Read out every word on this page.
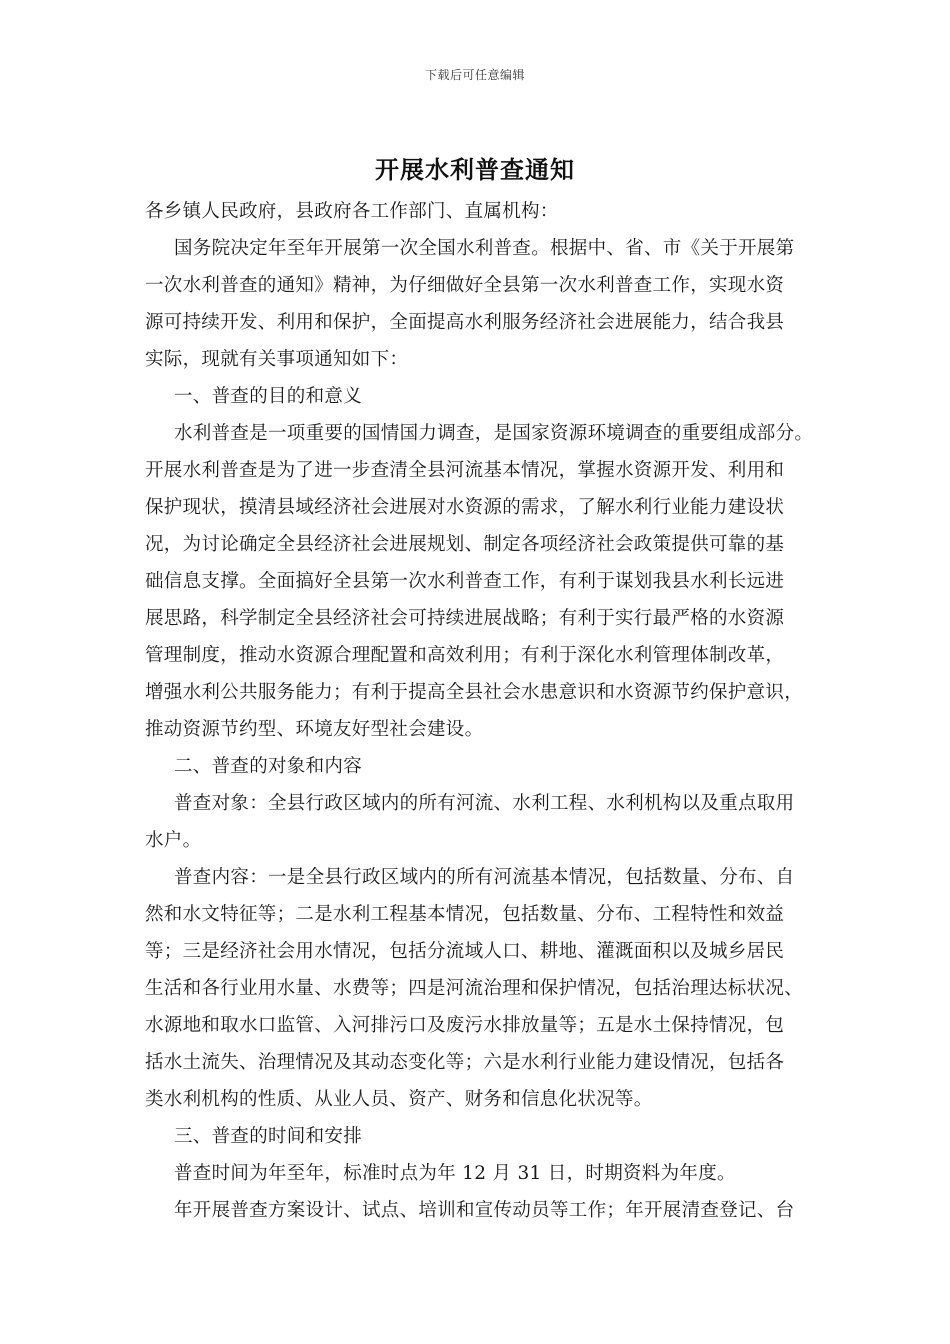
下载后可任意编辑
开展水利普查通知
各乡镇人民政府，县政府各工作部门、直属机构：
国务院决定年至年开展第一次全国水利普查。根据中、省、市《关于开展第
一次水利普查的通知》精神，为仔细做好全县第一次水利普查工作，实现水资
源可持续开发、利用和保护，全面提高水利服务经济社会进展能力，结合我县
实际，现就有关事项通知如下：
一、普查的目的和意义
水利普查是一项重要的国情国力调查，是国家资源环境调查的重要组成部分。
开展水利普查是为了进一步查清全县河流基本情况，掌握水资源开发、利用和
保护现状，摸清县域经济社会进展对水资源的需求，了解水利行业能力建设状
况，为讨论确定全县经济社会进展规划、制定各项经济社会政策提供可靠的基
础信息支撑。全面搞好全县第一次水利普查工作，有利于谋划我县水利长远进
展思路，科学制定全县经济社会可持续进展战略；有利于实行最严格的水资源
管理制度，推动水资源合理配置和高效利用；有利于深化水利管理体制改革，
增强水利公共服务能力；有利于提高全县社会水患意识和水资源节约保护意识，
推动资源节约型、环境友好型社会建设。
二、普查的对象和内容
普查对象：全县行政区域内的所有河流、水利工程、水利机构以及重点取用
水户。
普查内容：一是全县行政区域内的所有河流基本情况，包括数量、分布、自
然和水文特征等；二是水利工程基本情况，包括数量、分布、工程特性和效益
等；三是经济社会用水情况，包括分流域人口、耕地、灌溉面积以及城乡居民
生活和各行业用水量、水费等；四是河流治理和保护情况，包括治理达标状况、
水源地和取水口监管、入河排污口及废污水排放量等；五是水土保持情况，包
括水土流失、治理情况及其动态变化等；六是水利行业能力建设情况，包括各
类水利机构的性质、从业人员、资产、财务和信息化状况等。
三、普查的时间和安排
普查时间为年至年，标准时点为年 12 月 31 日，时期资料为年度。
年开展普查方案设计、试点、培训和宣传动员等工作；年开展清查登记、台
